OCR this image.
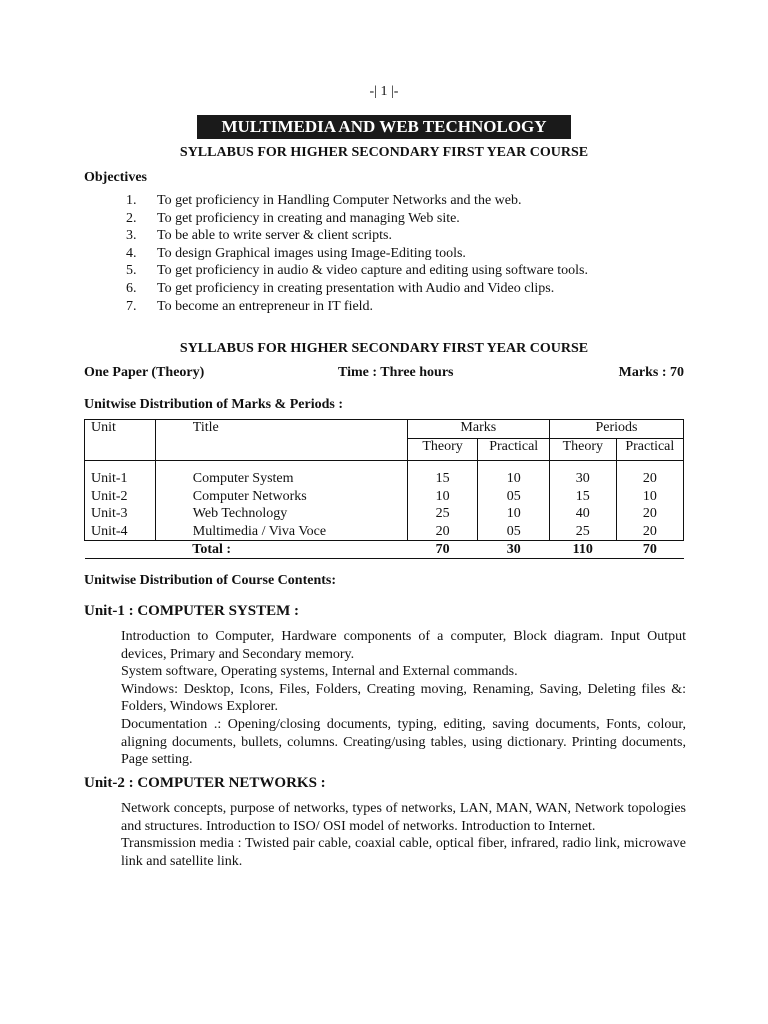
-| 1 |-
MULTIMEDIA AND WEB TECHNOLOGY
SYLLABUS FOR HIGHER SECONDARY FIRST YEAR COURSE
Objectives
1. To get proficiency in Handling Computer Networks and the web.
2. To get proficiency in creating and managing Web site.
3. To be able to write server & client scripts.
4. To design Graphical images using Image-Editing tools.
5. To get proficiency in audio & video capture and editing using software tools.
6. To get proficiency in creating presentation with Audio and Video clips.
7. To become an entrepreneur in IT field.
SYLLABUS FOR HIGHER SECONDARY FIRST YEAR COURSE
One Paper (Theory)	Time : Three hours	Marks : 70
Unitwise Distribution of Marks & Periods :
Unit	Title	Marks		Periods	
		Theory	Practical	Theory	Practical

Unit-1	Computer System	15	10	30	20
Unit-2	Computer Networks	10	05	15	10
Unit-3	Web Technology	25	10	40	20
Unit-4	Multimedia / Viva Voce	20	05	25	20
	Total :	70	30	110	70
Unitwise Distribution of Course Contents:
Unit-1 : COMPUTER SYSTEM :

Introduction to Computer, Hardware components of a computer, Block diagram. Input Output devices, Primary and Secondary memory.

System software, Operating systems, Internal and External commands.

Windows: Desktop, Icons, Files, Folders, Creating moving, Renaming, Saving, Deleting files &: Folders, Windows Explorer.

Documentation .: Opening/closing documents, typing, editing, saving documents, Fonts, colour, aligning documents, bullets, columns. Creating/using tables, using dictionary. Printing documents, Page setting.

Unit-2 : COMPUTER NETWORKS :

Network concepts, purpose of networks, types of networks, LAN, MAN, WAN, Network topologies and structures. Introduction to ISO/ OSI model of networks. Introduction to Internet.

Transmission media : Twisted pair cable, coaxial cable, optical fiber, infrared, radio link, microwave link and satellite link.
